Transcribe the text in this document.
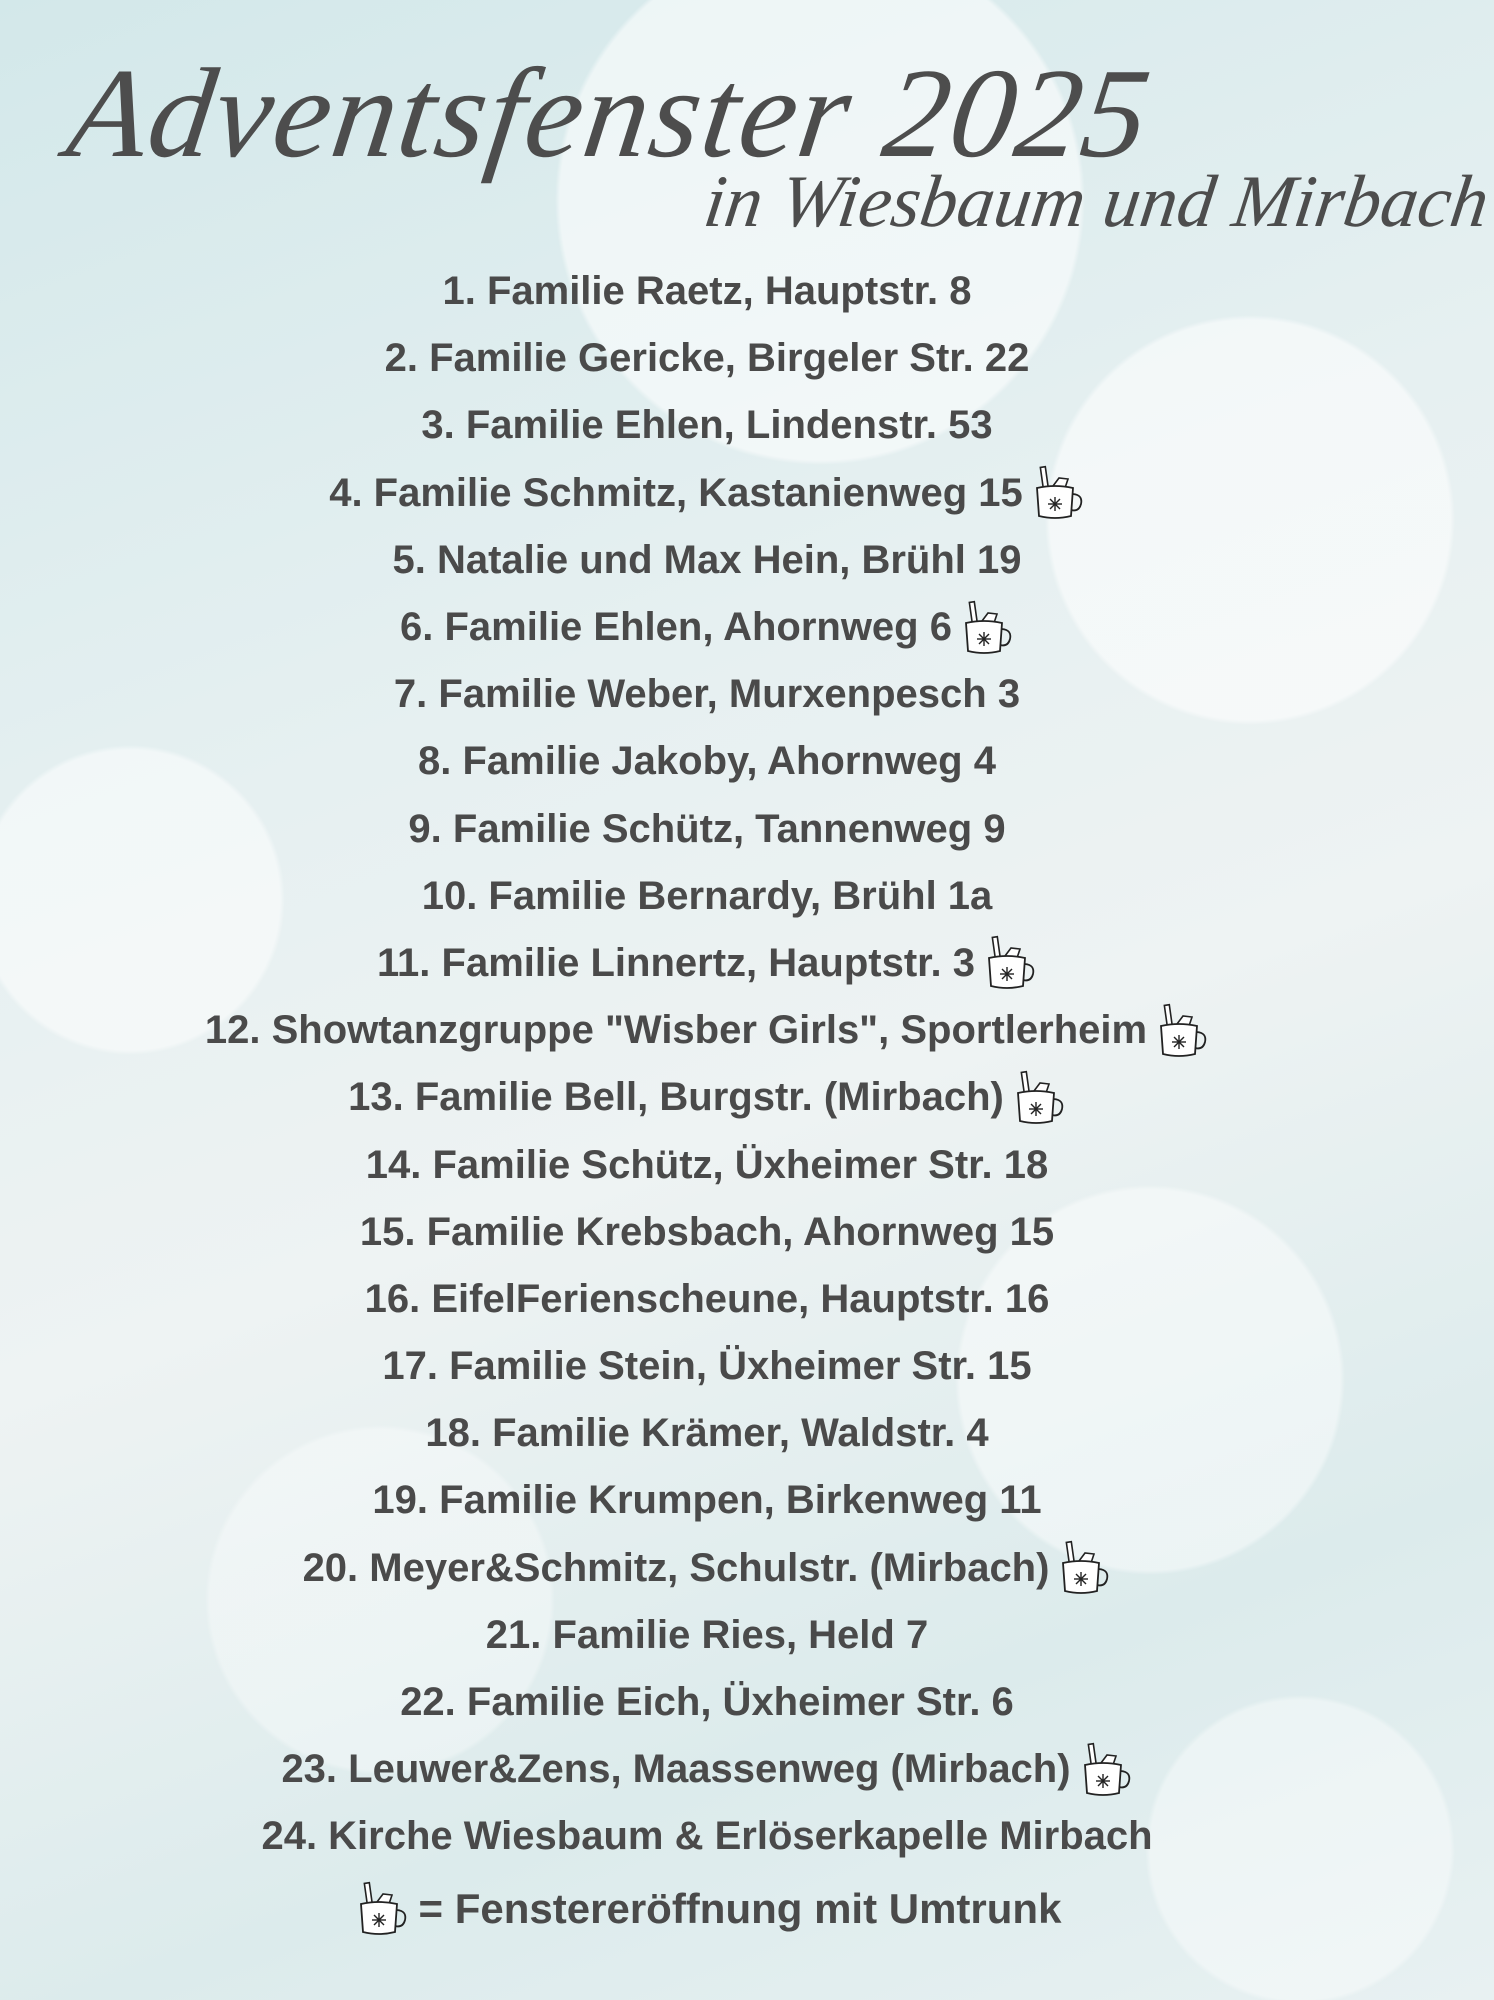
Adventsfenster 2025
in Wiesbaum und Mirbach
1. Familie Raetz, Hauptstr. 8
2. Familie Gericke, Birgeler Str. 22
3. Familie Ehlen, Lindenstr. 53
4. Familie Schmitz, Kastanienweg 15
5. Natalie und Max Hein, Brühl 19
6. Familie Ehlen, Ahornweg 6
7. Familie Weber, Murxenpesch 3
8. Familie Jakoby, Ahornweg 4
9. Familie Schütz, Tannenweg 9
10. Familie Bernardy, Brühl 1a
11. Familie Linnertz, Hauptstr. 3
12. Showtanzgruppe "Wisber Girls", Sportlerheim
13. Familie Bell, Burgstr. (Mirbach)
14. Familie Schütz, Üxheimer Str. 18
15. Familie Krebsbach, Ahornweg 15
16. EifelFerienscheune, Hauptstr. 16
17. Familie Stein, Üxheimer Str. 15
18. Familie Krämer, Waldstr. 4
19. Familie Krumpen, Birkenweg 11
20. Meyer&Schmitz, Schulstr. (Mirbach)
21. Familie Ries, Held 7
22. Familie Eich, Üxheimer Str. 6
23. Leuwer&Zens, Maassenweg (Mirbach)
24. Kirche Wiesbaum & Erlöserkapelle Mirbach
= Fenstereröffnung mit Umtrunk
